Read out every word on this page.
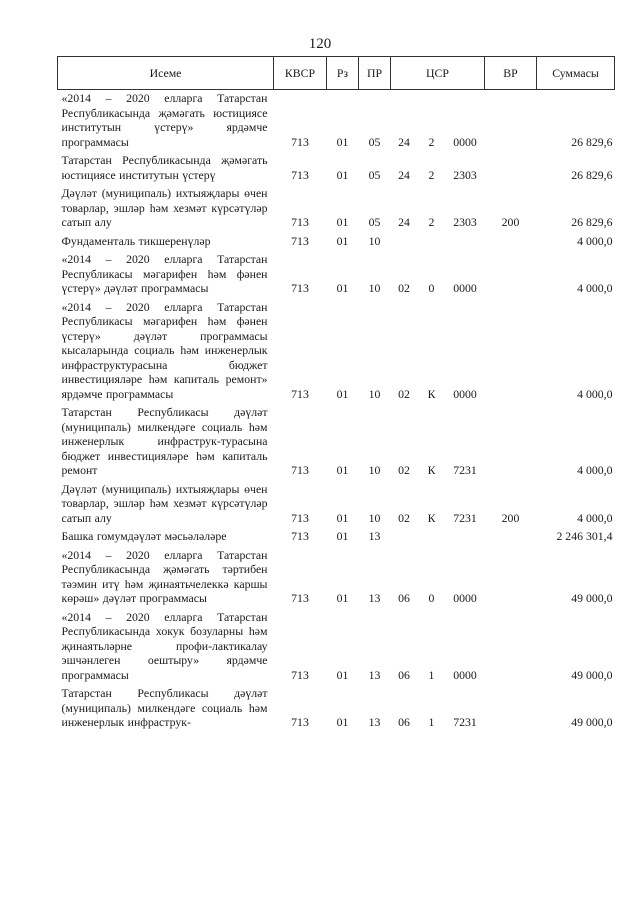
120
Исеме	КВСР	Рз	ПР	ЦСР			ВР	Суммасы
«2014 – 2020 елларга Татарстан Республикасында җәмәгать юстициясе институтын үстерү» ярдәмче программасы	713	01	05	24	2	0000		26 829,6
Татарстан Республикасында җәмәгать юстициясе институтын үстерү	713	01	05	24	2	2303		26 829,6
Дәүләт (муниципаль) ихтыяҗлары өчен товарлар, эшләр һәм хезмәт күрсәтүләр сатып алу	713	01	05	24	2	2303	200	26 829,6
Фундаменталь тикшеренүләр	713	01	10					4 000,0
«2014 – 2020 елларга Татарстан Республикасы мәгарифен һәм фәнен үстерү» дәүләт программасы	713	01	10	02	0	0000		4 000,0
«2014 – 2020 елларга Татарстан Республикасы мәгарифен һәм фәнен үстерү» дәүләт программасы кысаларында социаль һәм инженерлык инфраструктурасына бюджет инвестицияләре һәм капиталь ремонт» ярдәмче программасы	713	01	10	02	К	0000		4 000,0
Татарстан Республикасы дәүләт (муниципаль) милкендәге социаль һәм инженерлык инфраструк-турасына бюджет инвестицияләре һәм капиталь ремонт	713	01	10	02	К	7231		4 000,0
Дәүләт (муниципаль) ихтыяҗлары өчен товарлар, эшләр һәм хезмәт күрсәтүләр сатып алу	713	01	10	02	К	7231	200	4 000,0
Башка гомумдәүләт мәсьәләләре	713	01	13					2 246 301,4
«2014 – 2020 елларга Татарстан Республикасында җәмәгать тәртибен тәэмин итү һәм җинаятьчелеккә каршы көрәш» дәүләт программасы	713	01	13	06	0	0000		49 000,0
«2014 – 2020 елларга Татарстан Республикасында хокук бозуларны һәм җинаятьләрне профи-лактикалау эшчәнлеген оештыру» ярдәмче программасы	713	01	13	06	1	0000		49 000,0
Татарстан Республикасы дәүләт (муниципаль) милкендәге социаль һәм инженерлык инфраструк-	713	01	13	06	1	7231		49 000,0
